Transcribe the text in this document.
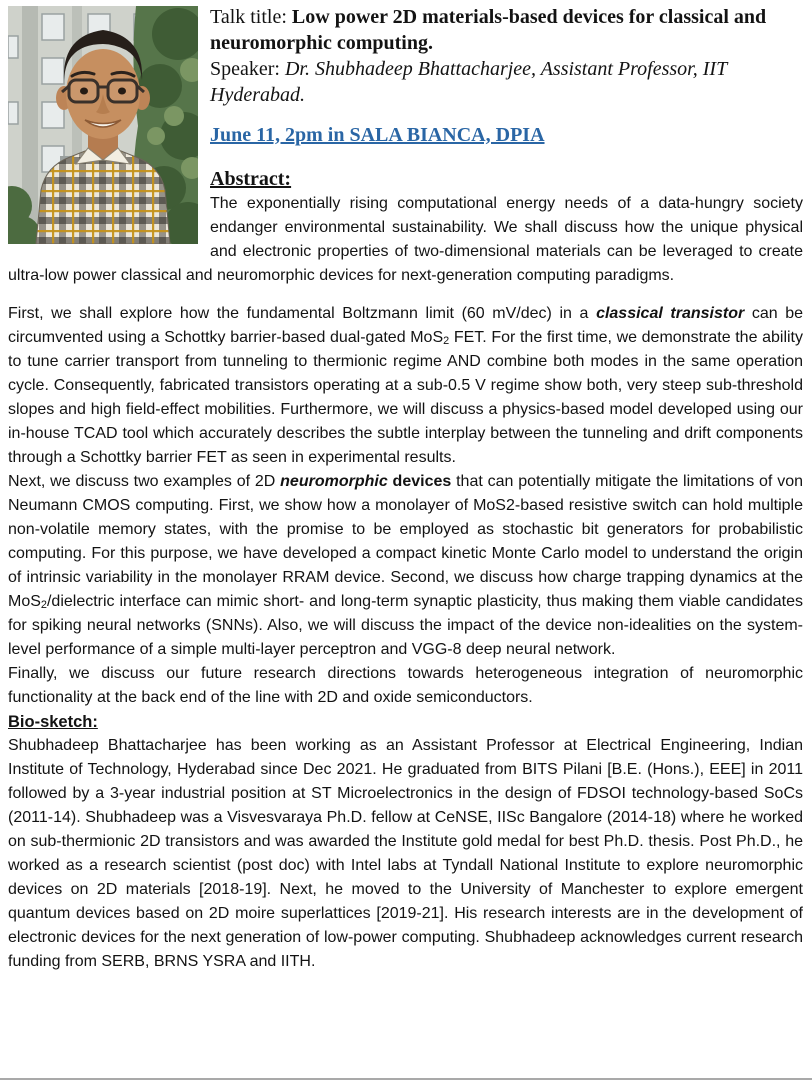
Talk title: Low power 2D materials-based devices for classical and neuromorphic computing.

Speaker: Dr. Shubhadeep Bhattacharjee, Assistant Professor, IIT Hyderabad.

June 11, 2pm in SALA BIANCA, DPIA

Abstract:

The exponentially rising computational energy needs of a data-hungry society endanger environmental sustainability. We shall discuss how the unique physical and electronic properties of two-dimensional materials can be leveraged to create ultra-low power classical and neuromorphic devices for next-generation computing paradigms.

First, we shall explore how the fundamental Boltzmann limit (60 mV/dec) in a classical transistor can be circumvented using a Schottky barrier-based dual-gated MoS$_2$ FET. For the first time, we demonstrate the ability to tune carrier transport from tunneling to thermionic regime AND combine both modes in the same operation cycle. Consequently, fabricated transistors operating at a sub-0.5 V regime show both, very steep sub-threshold slopes and high field-effect mobilities. Furthermore, we will discuss a physics-based model developed using our in-house TCAD tool which accurately describes the subtle interplay between the tunneling and drift components through a Schottky barrier FET as seen in experimental results.

Next, we discuss two examples of 2D neuromorphic devices that can potentially mitigate the limitations of von Neumann CMOS computing. First, we show how a monolayer of MoS2-based resistive switch can hold multiple non-volatile memory states, with the promise to be employed as stochastic bit generators for probabilistic computing. For this purpose, we have developed a compact kinetic Monte Carlo model to understand the origin of intrinsic variability in the monolayer RRAM device. Second, we discuss how charge trapping dynamics at the MoS$_2$/dielectric interface can mimic short- and long-term synaptic plasticity, thus making them viable candidates for spiking neural networks (SNNs). Also, we will discuss the impact of the device non-idealities on the system-level performance of a simple multi-layer perceptron and VGG-8 deep neural network.

Finally, we discuss our future research directions towards heterogeneous integration of neuromorphic functionality at the back end of the line with 2D and oxide semiconductors.

Bio-sketch:

Shubhadeep Bhattacharjee has been working as an Assistant Professor at Electrical Engineering, Indian Institute of Technology, Hyderabad since Dec 2021. He graduated from BITS Pilani [B.E. (Hons.), EEE] in 2011 followed by a 3-year industrial position at ST Microelectronics in the design of FDSOI technology-based SoCs (2011-14). Shubhadeep was a Visvesvaraya Ph.D. fellow at CeNSE, IISc Bangalore (2014-18) where he worked on sub-thermionic 2D transistors and was awarded the Institute gold medal for best Ph.D. thesis. Post Ph.D., he worked as a research scientist (post doc) with Intel labs at Tyndall National Institute to explore neuromorphic devices on 2D materials [2018-19]. Next, he moved to the University of Manchester to explore emergent quantum devices based on 2D moire superlattices [2019-21]. His research interests are in the development of electronic devices for the next generation of low-power computing. Shubhadeep acknowledges current research funding from SERB, BRNS YSRA and IITH.
